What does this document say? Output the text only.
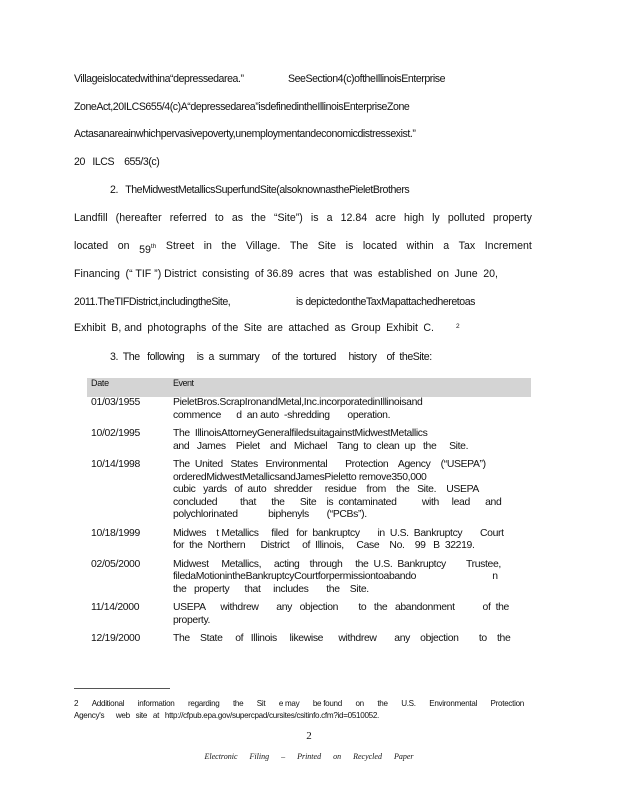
Villageislocatedwithina“depressedarea.”	SeeSection4(c)oftheIllinoisEnterprise
ZoneAct,20ILCS655/4(c)A“depressedarea”isdefinedintheIllinoisEnterpriseZone
Actasanareainwhichpervasivepoverty,unemploymentandeconomicdistressexist.”
20   ILCS    655/3(c)
2.   TheMidwestMetallicsSuperfundSite(alsoknownasthePieletBrothers
Landfill (hereafter referred to as the “Site”) is a 12.84 acre high ly polluted property
located on 59th Street in the Village. The Site is located within a Tax Increment
Financing (“ TIF ”) District consisting of 36.89 acres that was established on June 20,
2011.TheTIFDistrict,includingtheSite,	is depictedontheTaxMapattachedheretoas
Exhibit B, and photographs of the Site are attached as Group Exhibit C.	2
3.  The   following     is  a  summary     of  the  tortured     history    of  theSite:
Date	Event
01/03/1955	PieletBros.ScrapIronandMetal,Inc.incorporatedinIllinoisand
commence      d  an auto  -shredding       operation.

10/02/1995	The  IllinoisAttorneyGeneralfiledsuitagainstMidwestMetallics
and   James    Pielet    and   Michael    Tang  to  clean  up   the     Site.

10/14/1998	The  United   States   Environmental       Protection    Agency    (“USEPA”)
orderedMidwestMetallicsandJamesPieletto remove350,000
cubic   yards   of  auto   shredder     residue    from    the   Site.    USEPA
concluded         that      the      Site    is  contaminated          with     lead      and
polychlorinated            biphenyls       (“PCBs”).

10/18/1999	Midwes    t Metallics     filed   for  bankruptcy       in  U.S.  Bankruptcy       Court
for  the  Northern      District     of  Illinois,     Case    No.    99   B  32219.

02/05/2000	Midwest     Metallics,     acting    through     the  U.S.  Bankruptcy        Trustee,
filedaMotionintheBankruptcyCourtforpermissiontoabando                              n
the   property      that     includes       the    Site.

11/14/2000	USEPA      withdrew       any   objection        to   the   abandonment           of  the
property.

12/19/2000	The    State     of   Illinois     likewise      withdrew       any    objection        to    the
2 Additional information regarding the Sit e may be found on the U.S. Environmental Protection
Agency's      web   site   at   http://cfpub.epa.gov/supercpad/cursites/csitinfo.cfm?id=0510052.
2
Electronic Filing – Printed on Recycled Paper
